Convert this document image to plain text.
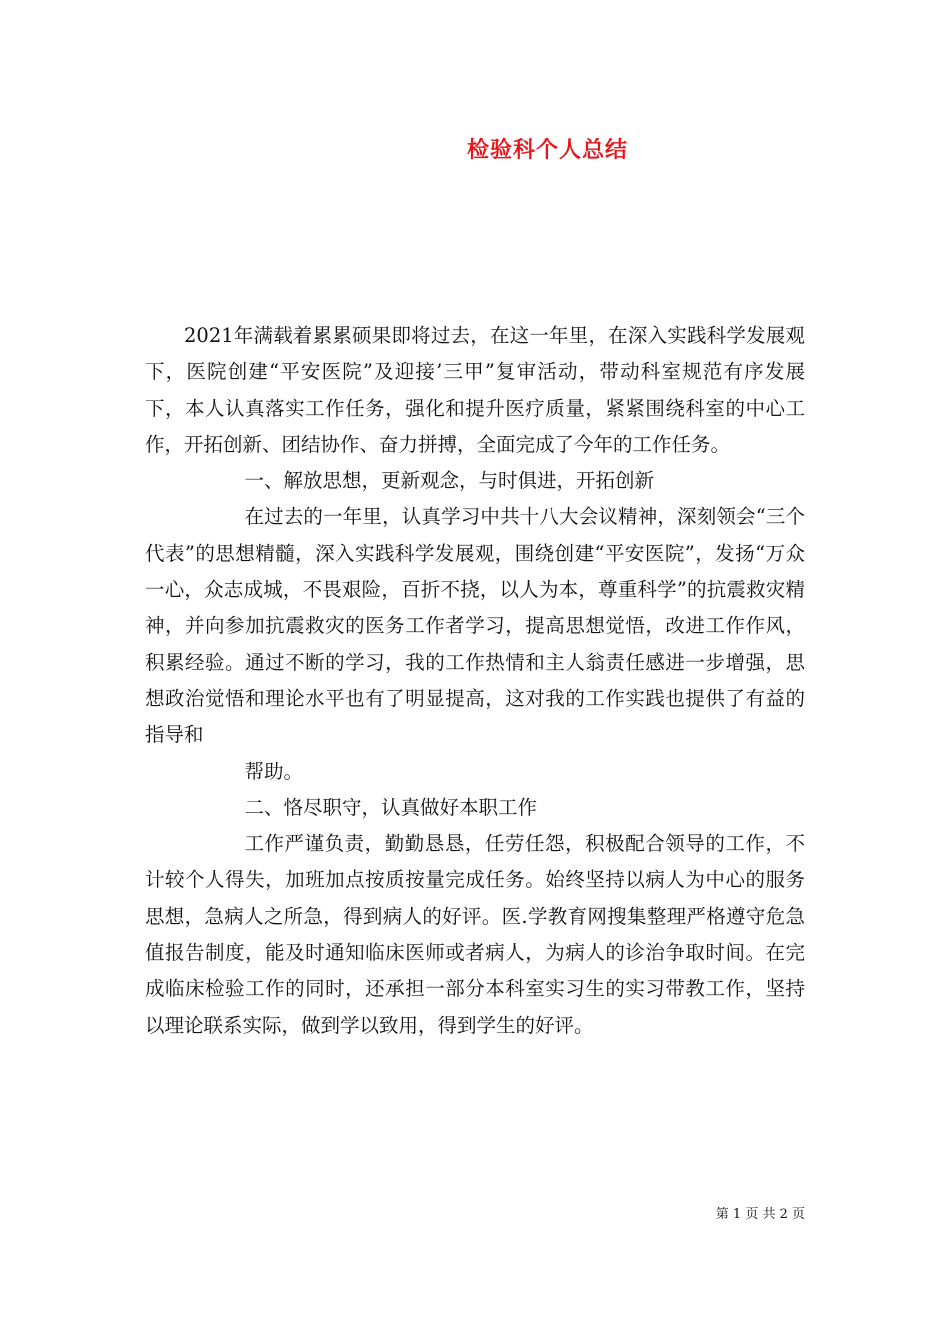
检验科个人总结

2021年满载着累累硕果即将过去，在这一年里，在深入实践科学发展观下，医院创建“平安医院”及迎接’三甲”复审活动，带动科室规范有序发展下，本人认真落实工作任务，强化和提升医疗质量，紧紧围绕科室的中心工作，开拓创新、团结协作、奋力拼搏，全面完成了今年的工作任务。

一、解放思想，更新观念，与时俱进，开拓创新

在过去的一年里，认真学习中共十八大会议精神，深刻领会“三个代表”的思想精髓，深入实践科学发展观，围绕创建“平安医院”，发扬“万众一心，众志成城，不畏艰险，百折不挠，以人为本，尊重科学”的抗震救灾精神，并向参加抗震救灾的医务工作者学习，提高思想觉悟，改进工作作风，积累经验。通过不断的学习，我的工作热情和主人翁责任感进一步增强，思想政治觉悟和理论水平也有了明显提高，这对我的工作实践也提供了有益的指导和

帮助。

二、恪尽职守，认真做好本职工作

工作严谨负责，勤勤恳恳，任劳任怨，积极配合领导的工作，不计较个人得失，加班加点按质按量完成任务。始终坚持以病人为中心的服务思想，急病人之所急，得到病人的好评。医.学教育网搜集整理严格遵守危急值报告制度，能及时通知临床医师或者病人，为病人的诊治争取时间。在完成临床检验工作的同时，还承担一部分本科室实习生的实习带教工作，坚持以理论联系实际，做到学以致用，得到学生的好评。

第 1 页 共 2 页
